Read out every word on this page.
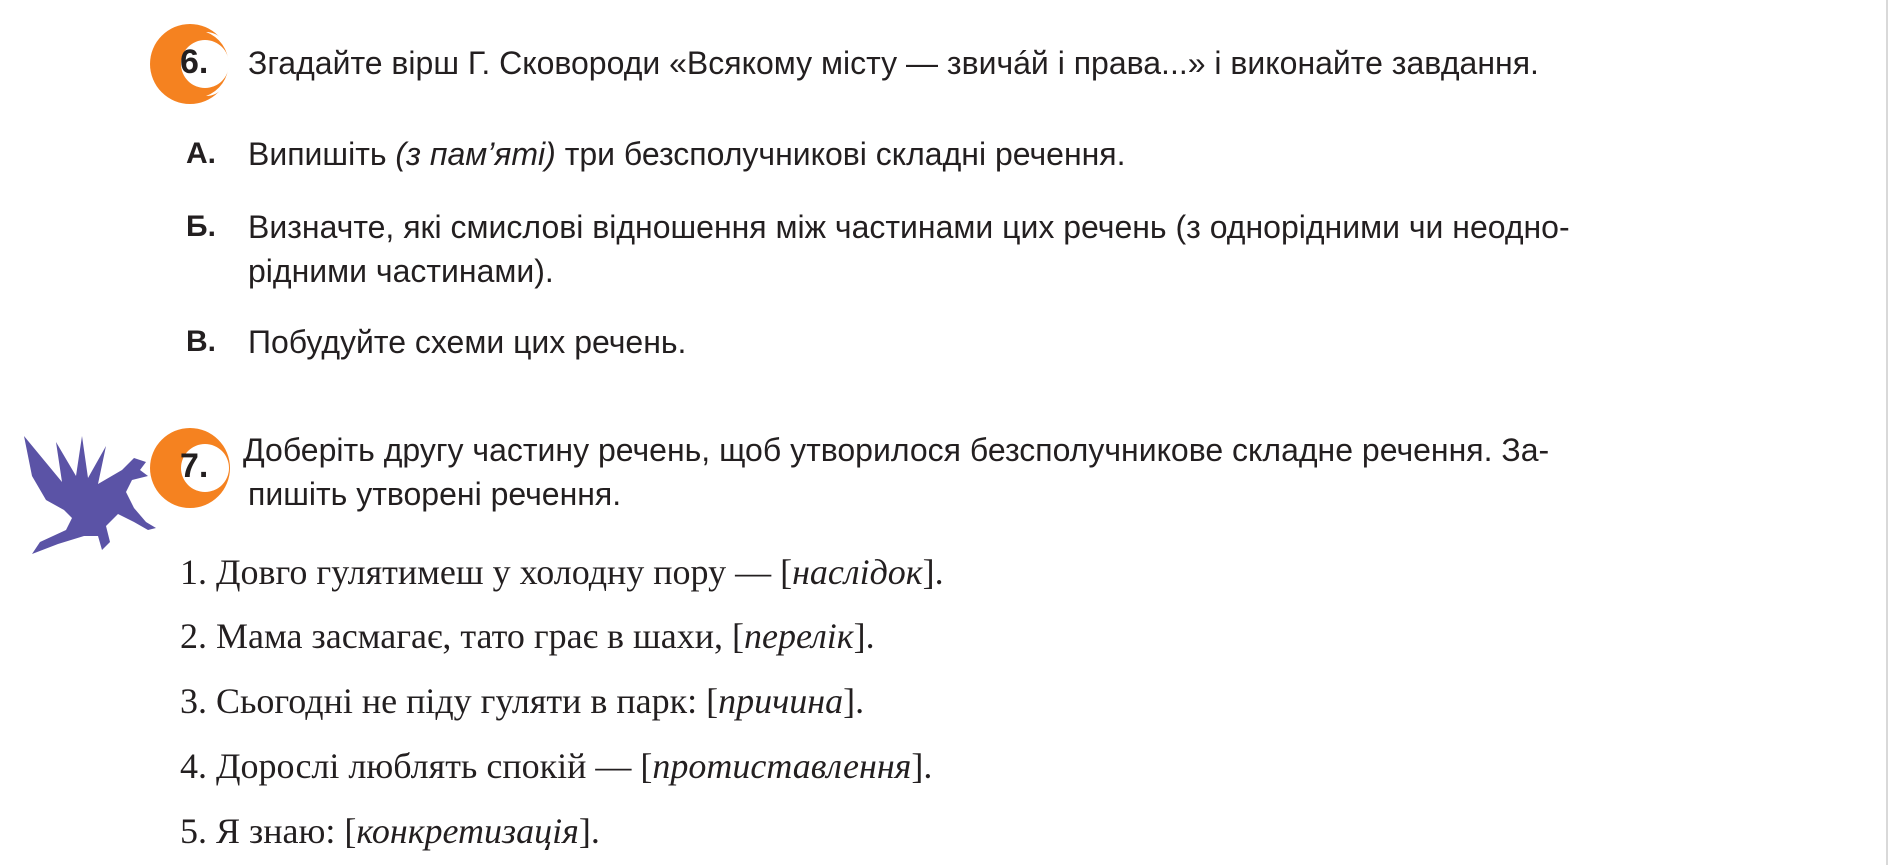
6. Згадайте вірш Г. Сковороди «Всякому місту — звичáй і права...» і виконайте завдання.
А. Випишіть (з пам’яті) три безсполучникові складні речення.
Б. Визначте, які смислові відношення між частинами цих речень (з однорідними чи неодно-
рідними частинами).
В. Побудуйте схеми цих речень.
7. Доберіть другу частину речень, щоб утворилося безсполучникове складне речення. За-
пишіть утворені речення.
1. Довго гулятимеш у холодну пору — [наслідок].
2. Мама засмагає, тато грає в шахи, [перелік].
3. Сьогодні не піду гуляти в парк: [причина].
4. Дорослі люблять спокій — [протиставлення].
5. Я знаю: [конкретизація].
